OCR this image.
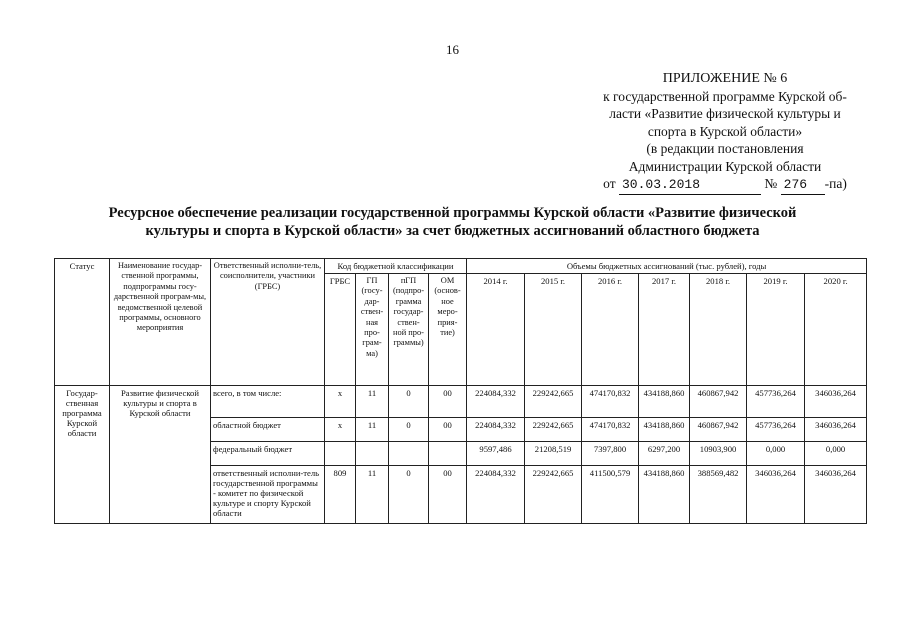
16
ПРИЛОЖЕНИЕ № 6
к государственной программе Курской об-
ласти «Развитие физической культуры и
спорта в Курской области»
(в редакции постановления
Администрации Курской области
от 30.03.2018	№ 276 -па)
Ресурсное обеспечение реализации государственной программы Курской области «Развитие физической
культуры и спорта в Курской области» за счет бюджетных ассигнований областного бюджета
Статус	Наименование государ-ственной программы, подпрограммы госу-дарственной програм-мы, ведомственной целевой программы, основного мероприятия	Ответственный исполни-тель, соисполнители, участники (ГРБС)	Код бюджетной классификации				Объемы бюджетных ассигнований (тыс. рублей), годы						
			ГРБС	ГП (госу-дар-ствен-ная про-грам-ма)	пГП (подпро-грамма государ-ствен-ной про-граммы)	ОМ (основ-ное меро-прия-тие)	2014 г.	2015 г.	2016 г.	2017 г.	2018 г.	2019 г.	2020 г.
Государ-ственная программа Курской области	Развитие физической культуры и спорта в Курской области	всего, в том числе:	х	11	0	00	224084,332	229242,665	474170,832	434188,860	460867,942	457736,264	346036,264
		областной бюджет	х	11	0	00	224084,332	229242,665	474170,832	434188,860	460867,942	457736,264	346036,264
		федеральный бюджет					9597,486	21208,519	7397,800	6297,200	10903,900	0,000	0,000
		ответственный исполни-тель государственной программы - комитет по физической культуре и спорту Курской области	809	11	0	00	224084,332	229242,665	411500,579	434188,860	388569,482	346036,264	346036,264
